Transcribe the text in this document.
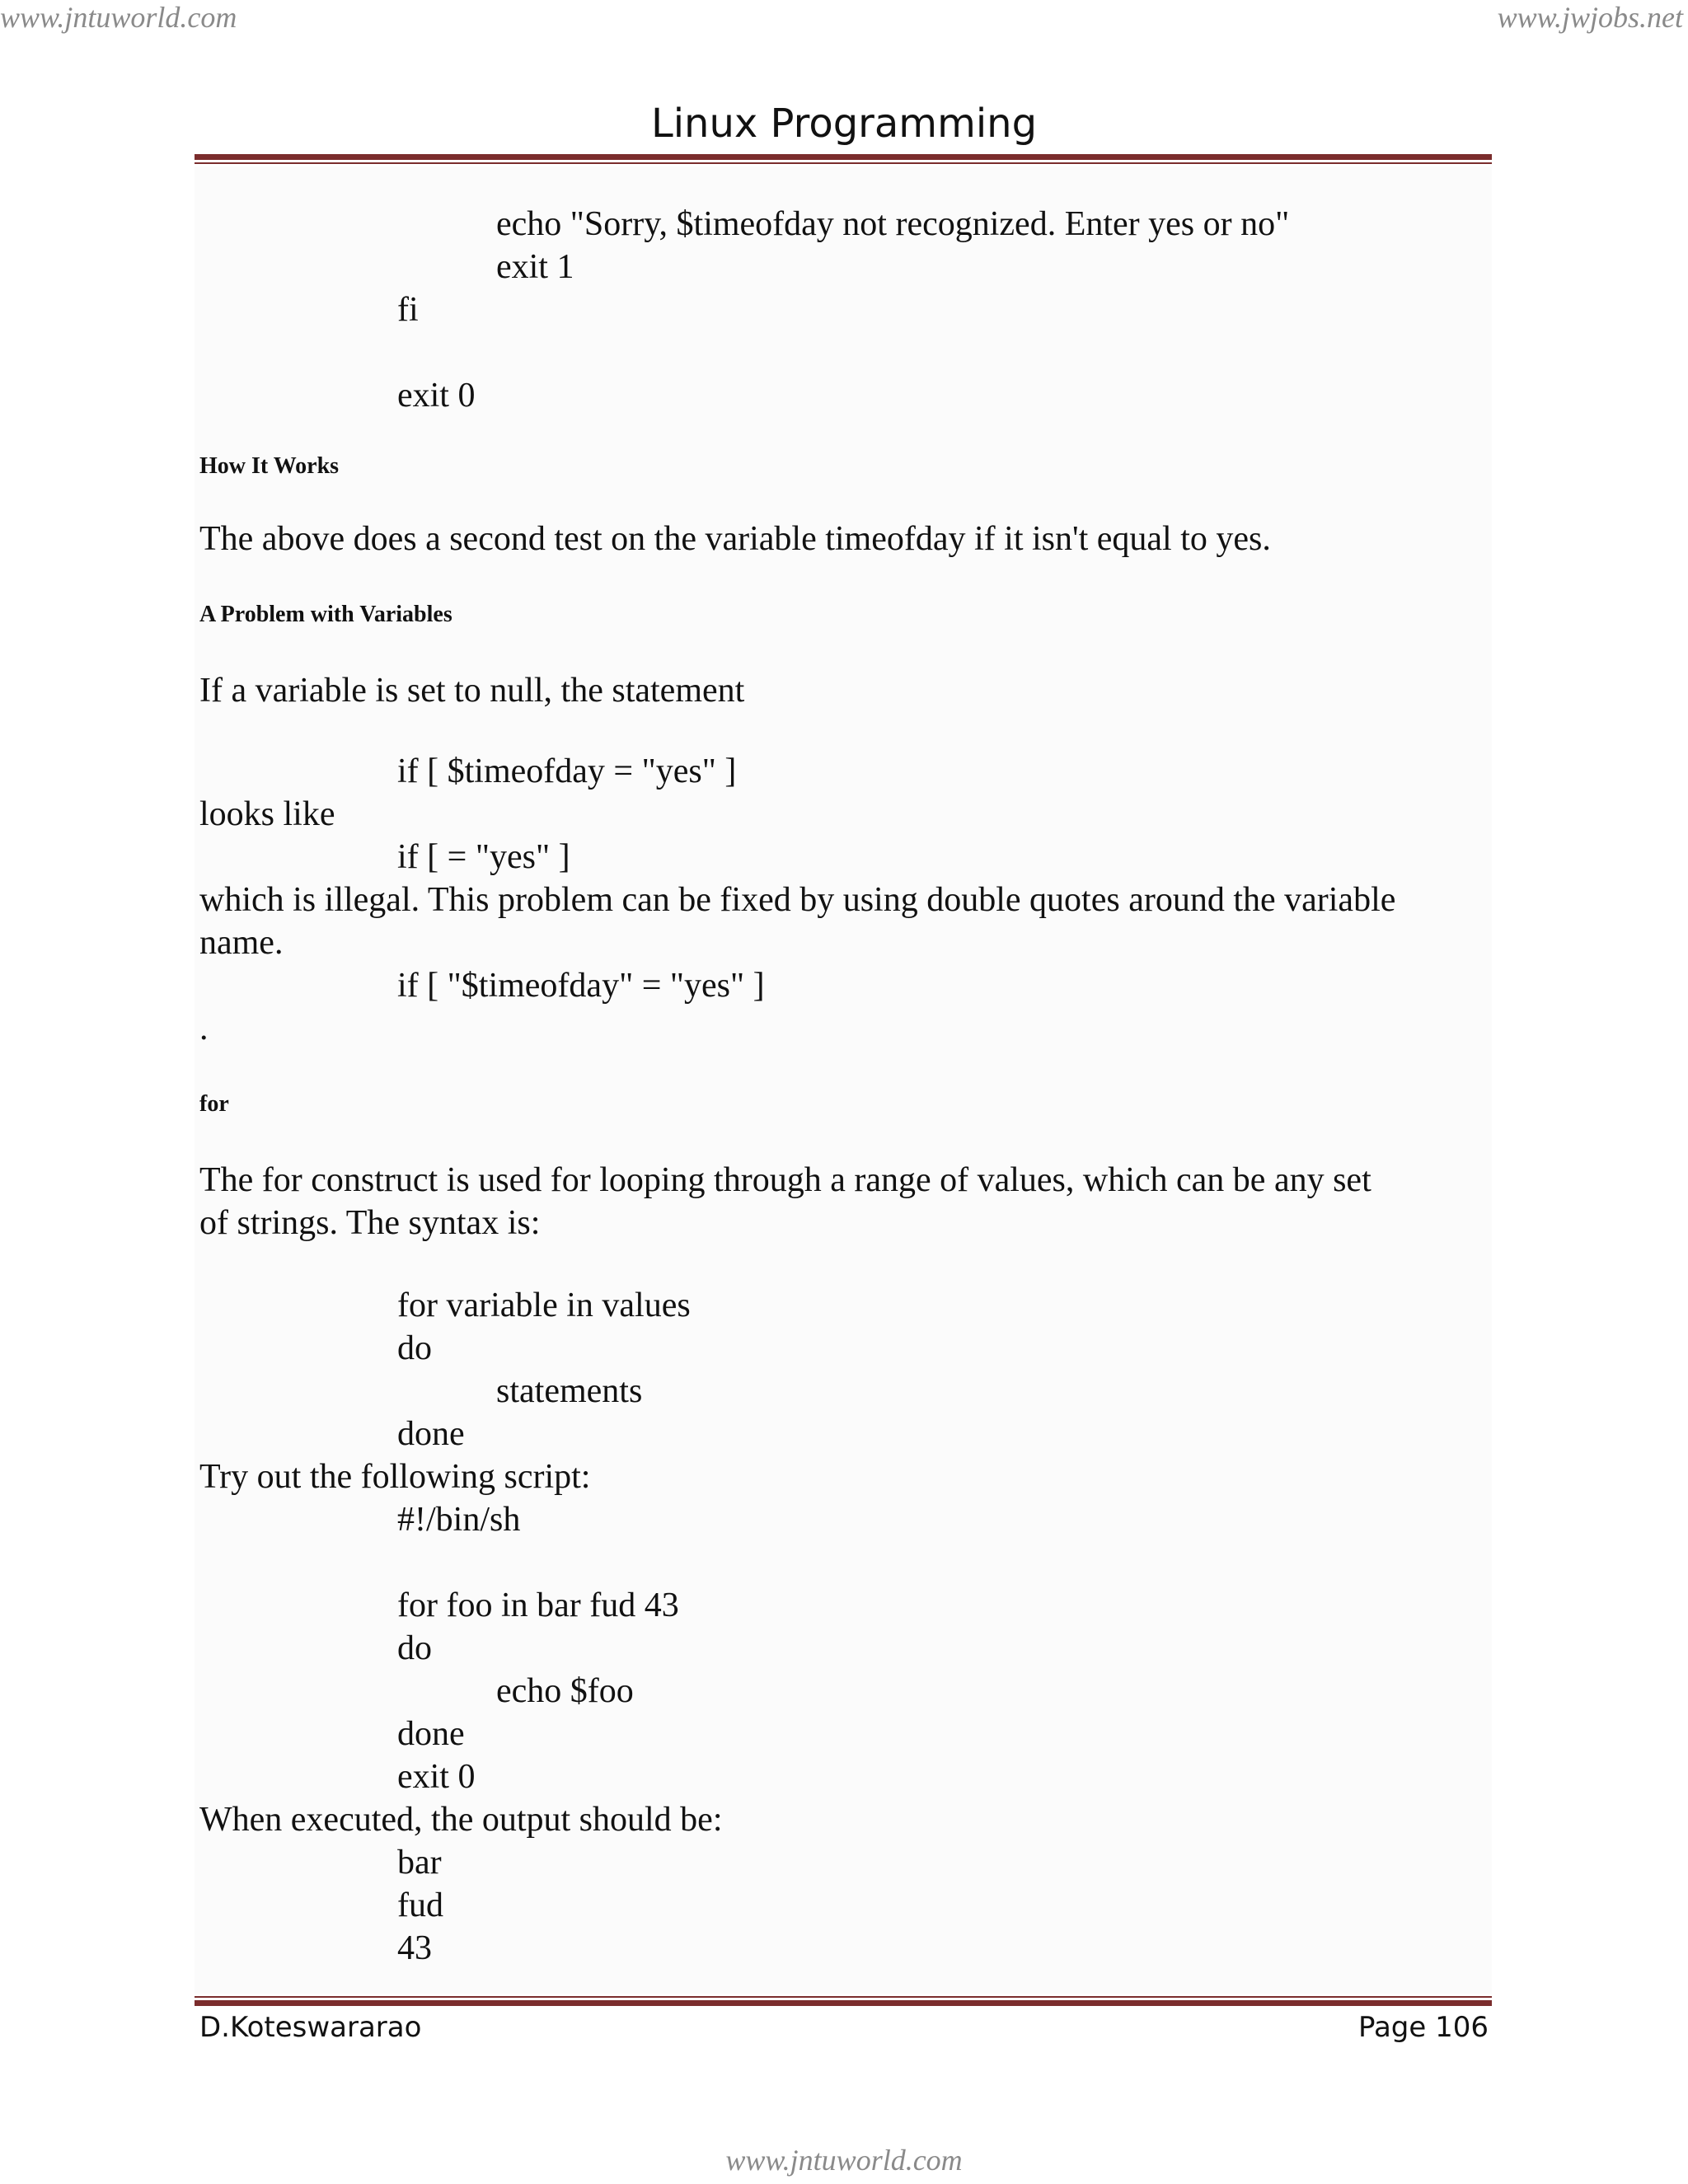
www.jntuworld.com	www.jwjobs.net
Linux Programming
echo "Sorry, $timeofday not recognized. Enter yes or no"
exit 1
fi
exit 0
How It Works
The above does a second test on the variable timeofday if it isn't equal to yes.
A Problem with Variables
If a variable is set to null, the statement
if [ $timeofday = "yes" ]
looks like
if [ = "yes" ]
which is illegal. This problem can be fixed by using double quotes around the variable
name.
if [ "$timeofday" = "yes" ]
.
for
The for construct is used for looping through a range of values, which can be any set
of strings. The syntax is:
for variable in values
do
statements
done
Try out the following script:
#!/bin/sh
for foo in bar fud 43
do
echo $foo
done
exit 0
When executed, the output should be:
bar
fud
43
D.Koteswararao	Page 106
www.jntuworld.com
